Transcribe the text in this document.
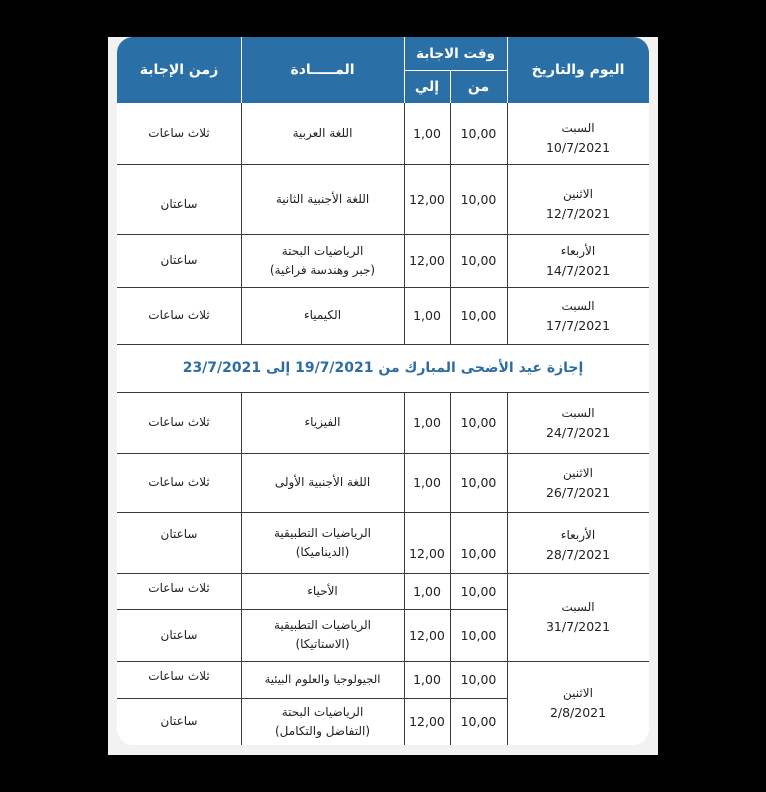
اليوم والتاريخ
وقت الاجابة
من
إلي
المـــــادة
زمن الإجابة
إجازة عيد الأضحى المبارك من 19/7/2021 إلى 23/7/2021
السبت
10/7/2021
10,00
1,00
اللغة العربية
ثلاث ساعات
الاثنين
12/7/2021
10,00
12,00
اللغة الأجنبية الثانية
ساعتان
الأربعاء
14/7/2021
10,00
12,00
الرياضيات البحتة
(جبر وهندسة فراغية)
ساعتان
السبت
17/7/2021
10,00
1,00
الكيمياء
ثلاث ساعات
السبت
24/7/2021
10,00
1,00
الفيزياء
ثلاث ساعات
الاثنين
26/7/2021
10,00
1,00
اللغة الأجنبية الأولى
ثلاث ساعات
الأربعاء
28/7/2021
10,00
12,00
الرياضيات التطبيقية
(الديناميكا)
ساعتان
السبت
31/7/2021
10,00
1,00
الأحياء
ثلاث ساعات
10,00
12,00
الرياضيات التطبيقية
(الاستاتيكا)
ساعتان
الاثنين
2/8/2021
10,00
1,00
الجيولوجيا والعلوم البيئية
ثلاث ساعات
10,00
12,00
الرياضيات البحتة
(التفاضل والتكامل)
ساعتان
